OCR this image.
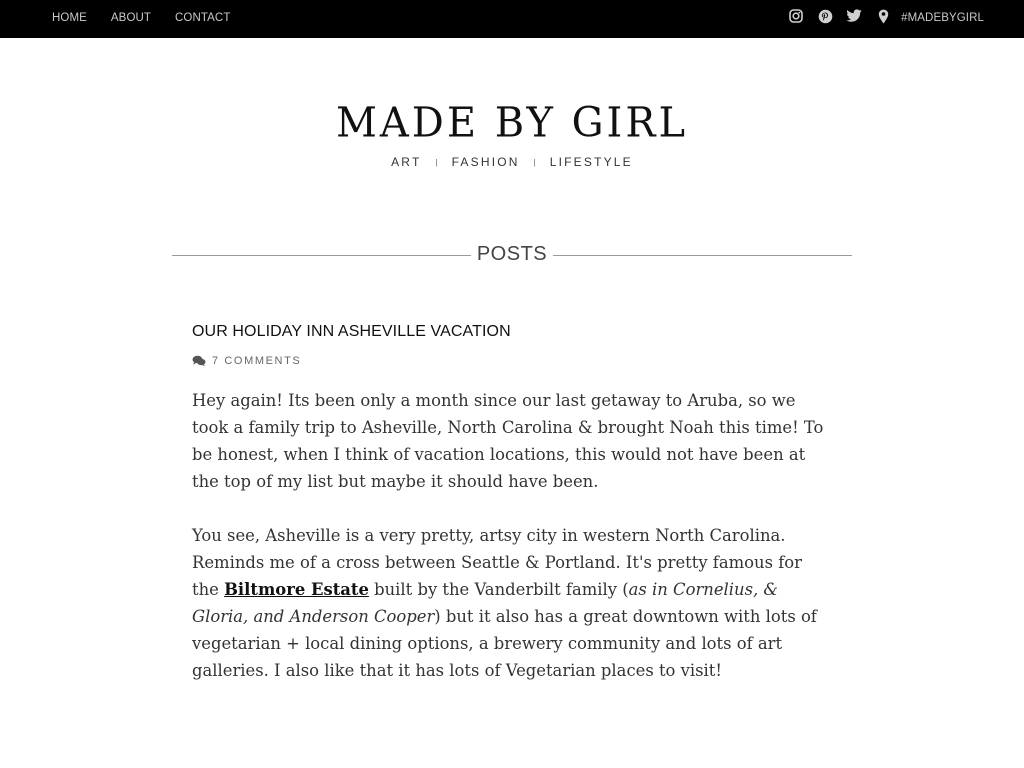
HOME ABOUT CONTACT	#MADEBYGIRL
MADE BY GIRL
ART | FASHION | LIFESTYLE
POSTS
OUR HOLIDAY INN ASHEVILLE VACATION
7 COMMENTS

Hey again! Its been only a month since our last getaway to Aruba, so we took a family trip to Asheville, North Carolina & brought Noah this time! To be honest, when I think of vacation locations, this would not have been at the top of my list but maybe it should have been.

You see, Asheville is a very pretty, artsy city in western North Carolina. Reminds me of a cross between Seattle & Portland. It's pretty famous for the Biltmore Estate built by the Vanderbilt family (as in Cornelius, & Gloria, and Anderson Cooper) but it also has a great downtown with lots of vegetarian + local dining options, a brewery community and lots of art galleries. I also like that it has lots of Vegetarian places to visit!
